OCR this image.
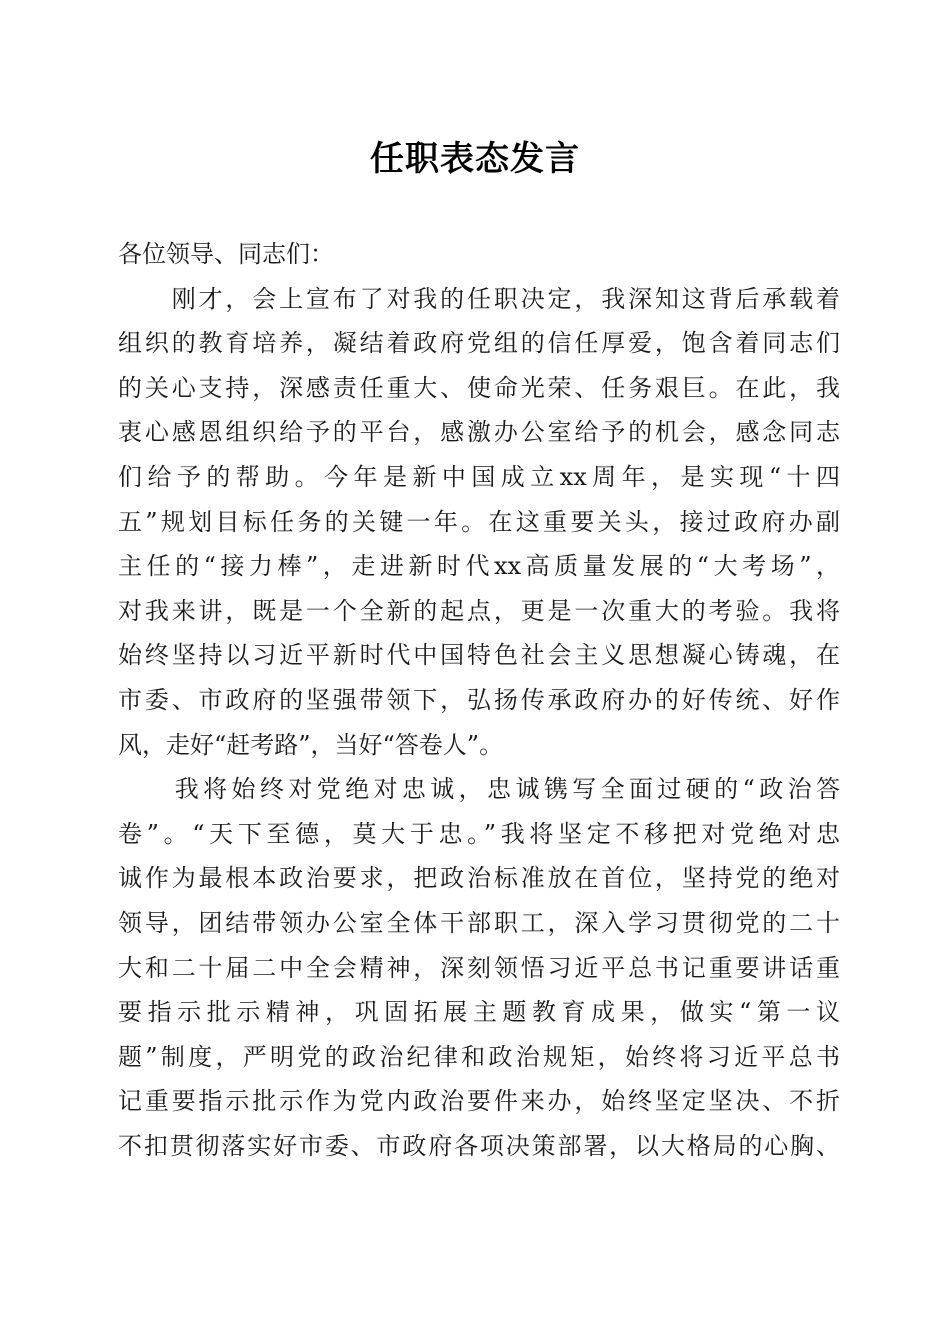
任职表态发言
各位领导、同志们：
　　刚才，会上宣布了对我的任职决定，我深知这背后承载着
组织的教育培养，凝结着政府党组的信任厚爱，饱含着同志们
的关心支持，深感责任重大、使命光荣、任务艰巨。在此，我
衷心感恩组织给予的平台，感激办公室给予的机会，感念同志
们给予的帮助。今年是新中国成立xx周年，是实现“十四
五”规划目标任务的关键一年。在这重要关头，接过政府办副
主任的“接力棒”，走进新时代xx高质量发展的“大考场”，
对我来讲，既是一个全新的起点，更是一次重大的考验。我将
始终坚持以习近平新时代中国特色社会主义思想凝心铸魂，在
市委、市政府的坚强带领下，弘扬传承政府办的好传统、好作
风，走好“赶考路”，当好“答卷人”。
　　我将始终对党绝对忠诚，忠诚镌写全面过硬的“政治答
卷”。“天下至德，莫大于忠。”我将坚定不移把对党绝对忠
诚作为最根本政治要求，把政治标准放在首位，坚持党的绝对
领导，团结带领办公室全体干部职工，深入学习贯彻党的二十
大和二十届二中全会精神，深刻领悟习近平总书记重要讲话重
要指示批示精神，巩固拓展主题教育成果，做实“第一议
题”制度，严明党的政治纪律和政治规矩，始终将习近平总书
记重要指示批示作为党内政治要件来办，始终坚定坚决、不折
不扣贯彻落实好市委、市政府各项决策部署，以大格局的心胸、
